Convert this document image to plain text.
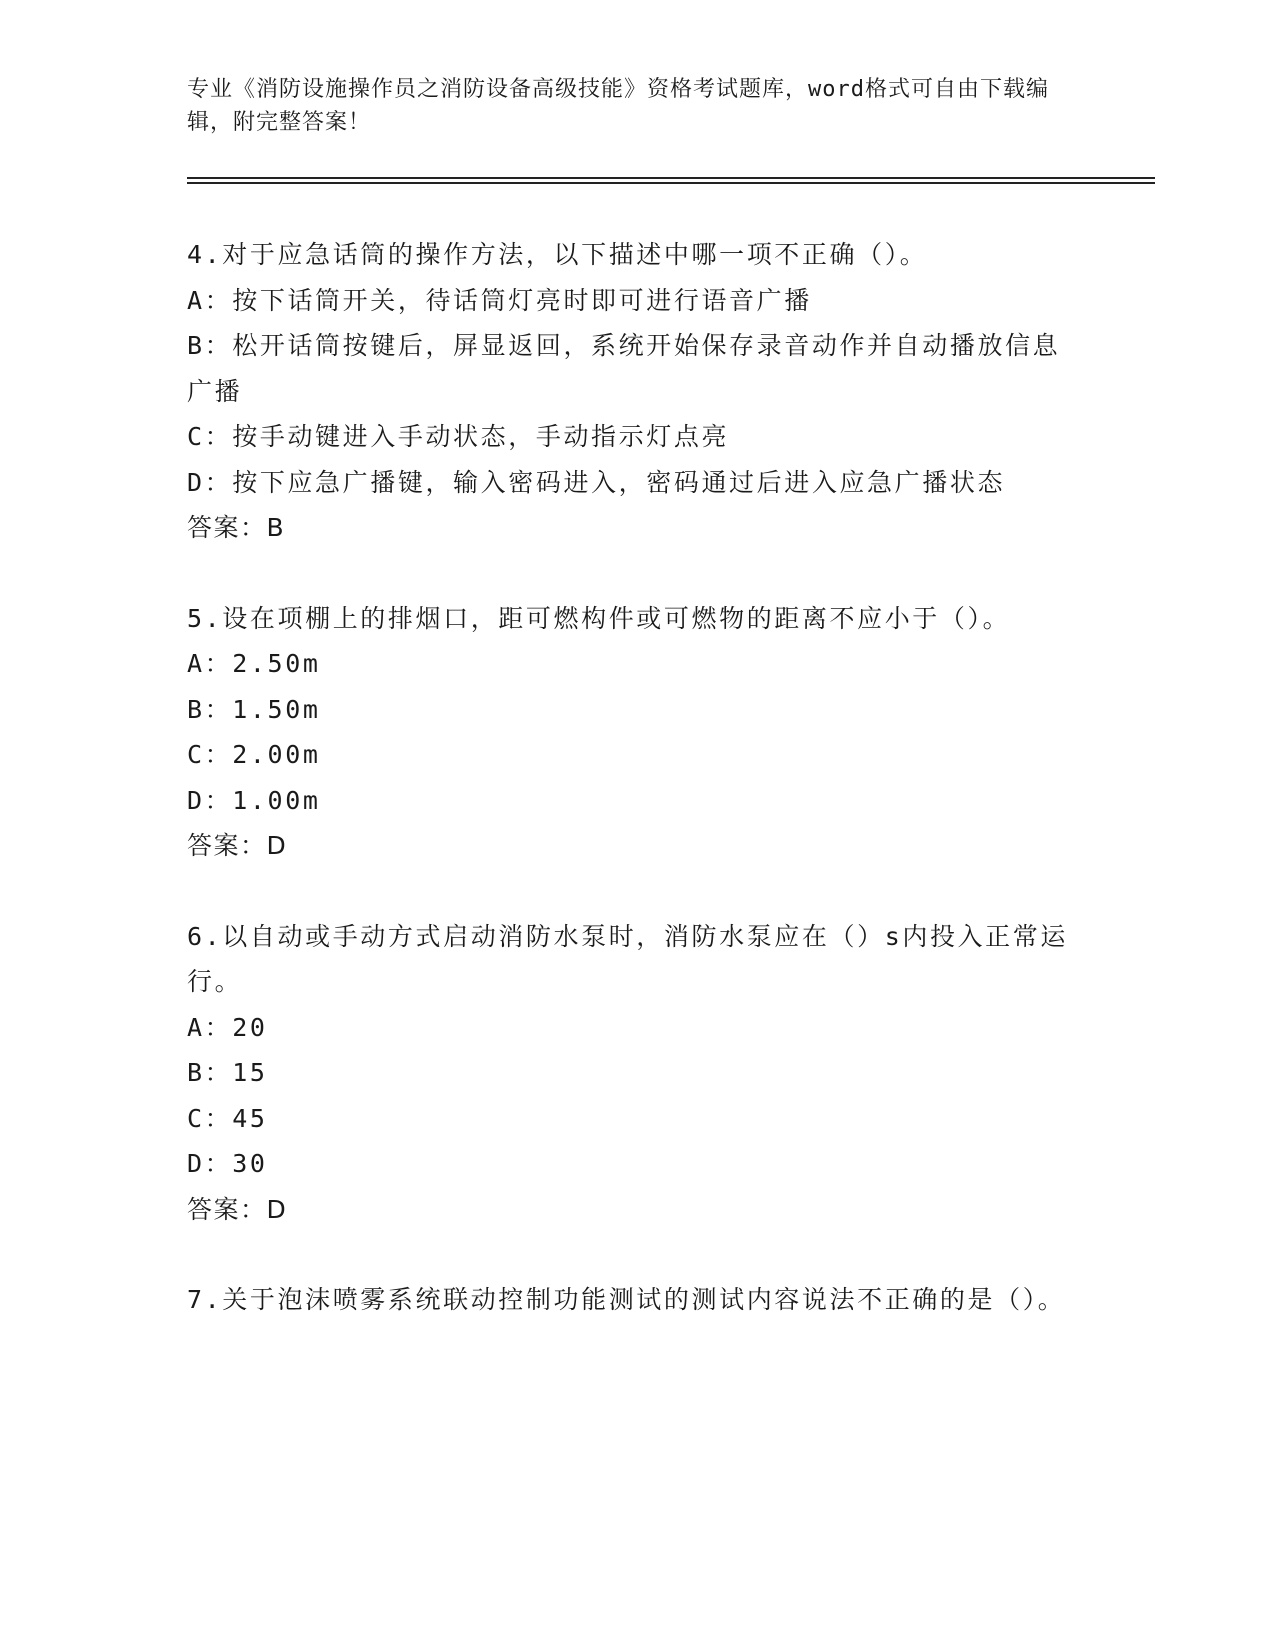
专业《消防设施操作员之消防设备高级技能》资格考试题库，word格式可自由下载编辑，附完整答案！

4.对于应急话筒的操作方法，以下描述中哪一项不正确（）。

A：按下话筒开关，待话筒灯亮时即可进行语音广播

B：松开话筒按键后，屏显返回，系统开始保存录音动作并自动播放信息广播

C：按手动键进入手动状态，手动指示灯点亮

D：按下应急广播键，输入密码进入，密码通过后进入应急广播状态

答案：B

5.设在项棚上的排烟口，距可燃构件或可燃物的距离不应小于（）。

A：2.50m

B：1.50m

C：2.00m

D：1.00m

答案：D

6.以自动或手动方式启动消防水泵时，消防水泵应在（）s内投入正常运行。

A：20

B：15

C：45

D：30

答案：D

7.关于泡沫喷雾系统联动控制功能测试的测试内容说法不正确的是（）。
